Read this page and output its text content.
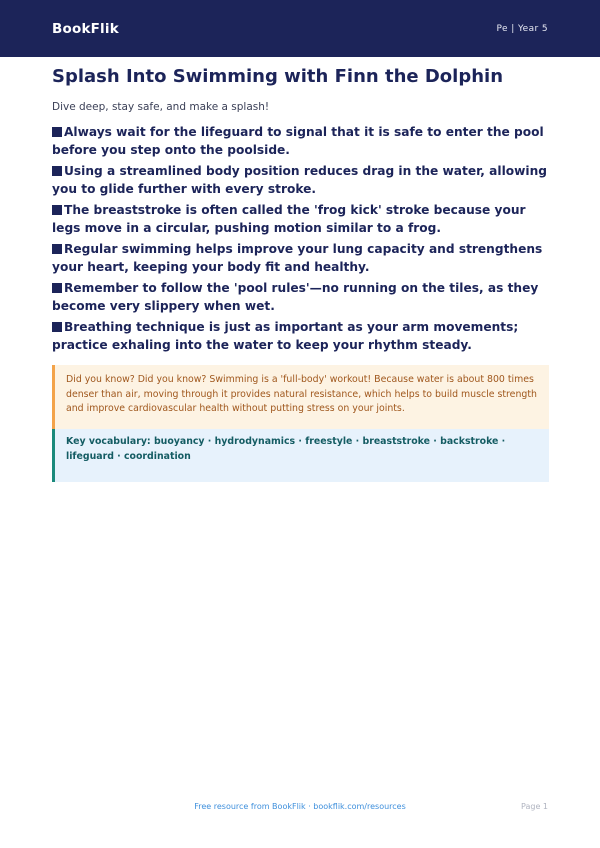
BookFlik	Pe | Year 5
Splash Into Swimming with Finn the Dolphin

Dive deep, stay safe, and make a splash!

Always wait for the lifeguard to signal that it is safe to enter the pool before you step onto the poolside.
Using a streamlined body position reduces drag in the water, allowing you to glide further with every stroke.
The breaststroke is often called the 'frog kick' stroke because your legs move in a circular, pushing motion similar to a frog.
Regular swimming helps improve your lung capacity and strengthens your heart, keeping your body fit and healthy.
Remember to follow the 'pool rules'—no running on the tiles, as they become very slippery when wet.
Breathing technique is just as important as your arm movements; practice exhaling into the water to keep your rhythm steady.
Did you know? Did you know? Swimming is a 'full-body' workout! Because water is about 800 times denser than air, moving through it provides natural resistance, which helps to build muscle strength and improve cardiovascular health without putting stress on your joints.
Key vocabulary: buoyancy · hydrodynamics · freestyle · breaststroke · backstroke · lifeguard · coordination
Free resource from BookFlik · bookflik.com/resources	Page 1
